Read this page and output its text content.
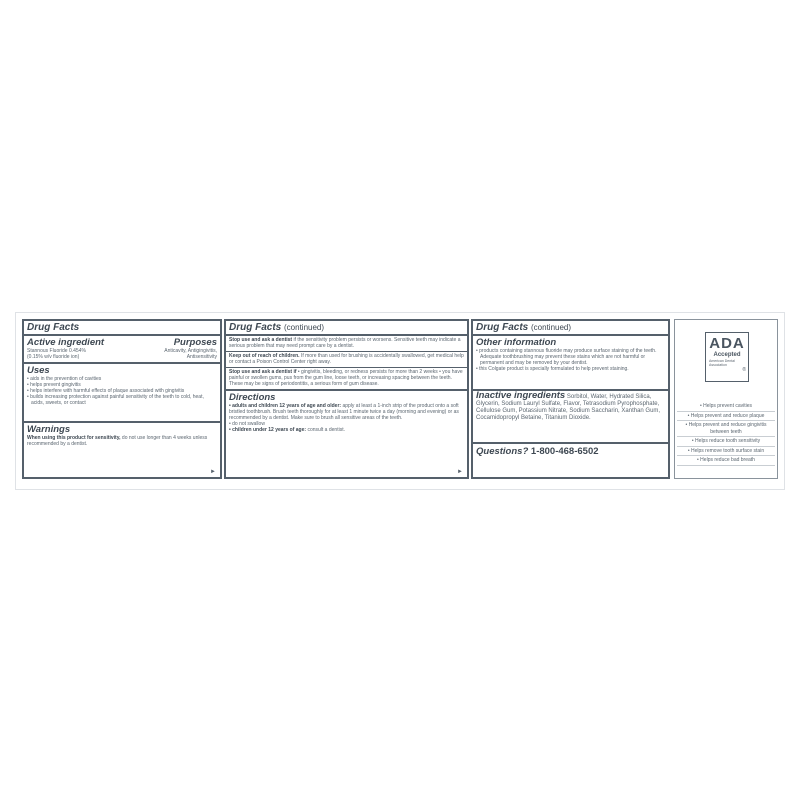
Drug Facts
Active ingredient	Purposes
Stannous Fluoride 0.454%	Anticavity, Antigingivitis,
(0.15% w/v fluoride ion)	Antisensitivity
Uses
• aids in the prevention of cavities
• helps prevent gingivitis
• helps interfere with harmful effects of plaque associated with gingivitis
• builds increasing protection against painful sensitivity of the teeth to cold, heat, acids, sweets, or contact
Warnings
When using this product for sensitivity, do not use longer than 4 weeks unless recommended by a dentist.
►
Drug Facts (continued)
Stop use and ask a dentist if the sensitivity problem persists or worsens. Sensitive teeth may indicate a serious problem that may need prompt care by a dentist.
Keep out of reach of children. If more than used for brushing is accidentally swallowed, get medical help or contact a Poison Control Center right away.
Stop use and ask a dentist if • gingivitis, bleeding, or redness persists for more than 2 weeks • you have painful or swollen gums, pus from the gum line, loose teeth, or increasing spacing between the teeth. These may be signs of periodontitis, a serious form of gum disease.
Directions
• adults and children 12 years of age and older: apply at least a 1-inch strip of the product onto a soft bristled toothbrush. Brush teeth thoroughly for at least 1 minute twice a day (morning and evening) or as recommended by a dentist. Make sure to brush all sensitive areas of the teeth.
• do not swallow
• children under 12 years of age: consult a dentist.
►
Drug Facts (continued)
Other information
• products containing stannous fluoride may produce surface staining of the teeth. Adequate toothbrushing may prevent these stains which are not harmful or permanent and may be removed by your dentist.
• this Colgate product is specially formulated to help prevent staining.
Inactive ingredients Sorbitol, Water, Hydrated Silica, Glycerin, Sodium Lauryl Sulfate, Flavor, Tetrasodium Pyrophosphate, Cellulose Gum, Potassium Nitrate, Sodium Saccharin, Xanthan Gum, Cocamidopropyl Betaine, Titanium Dioxide.
Questions? 1-800-468-6502
ADA
Accepted
American Dental Association
®
• Helps prevent cavities
• Helps prevent and reduce plaque
• Helps prevent and reduce gingivitis between teeth
• Helps reduce tooth sensitivity
• Helps remove tooth surface stain
• Helps reduce bad breath
